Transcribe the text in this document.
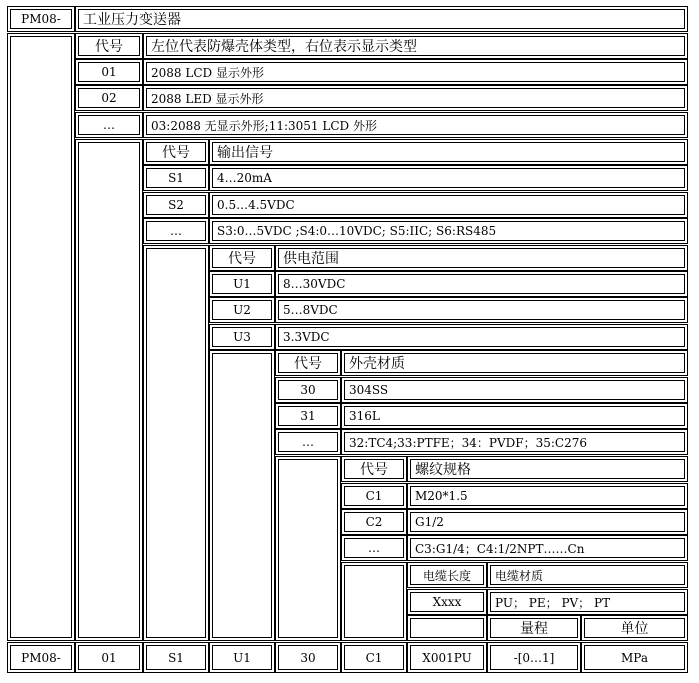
PM08-	工业压力变送器
代号	左位代表防爆壳体类型，右位表示显示类型
01	2088 LCD 显示外形
02	2088 LED 显示外形
…	03:2088 无显示外形;11:3051 LCD 外形
代号	输出信号
S1	4…20mA
S2	0.5…4.5VDC
…	S3:0…5VDC ;S4:0…10VDC; S5:IIC; S6:RS485
代号	供电范围
U1	8…30VDC
U2	5…8VDC
U3	3.3VDC
代号	外壳材质
30	304SS
31	316L
…	32:TC4;33:PTFE；34：PVDF；35:C276
代号	螺纹规格
C1	M20*1.5
C2	G1/2
…	C3:G1/4；C4:1/2NPT……Cn
电缆长度	电缆材质
Xxxx	PU； PE； PV； PT
量程	单位
PM08-	01	S1	U1	30	C1	X001PU	-[0…1]	MPa
